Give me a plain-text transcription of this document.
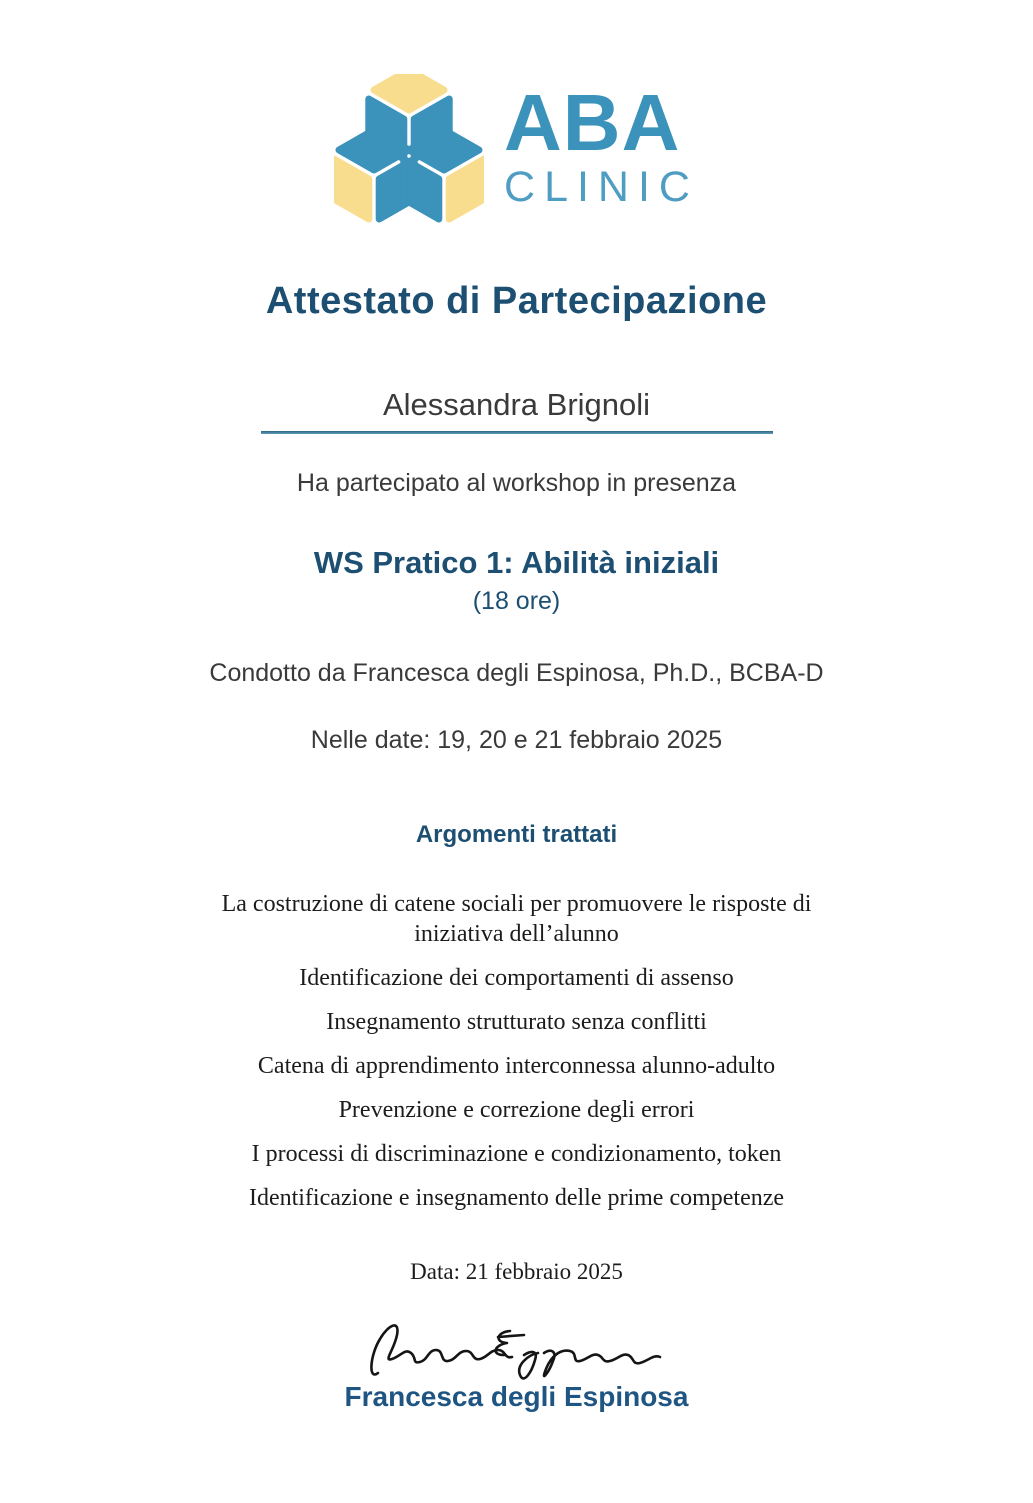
ABA
CLINIC
Attestato di Partecipazione
Alessandra Brignoli
Ha partecipato al workshop in presenza
WS Pratico 1: Abilità iniziali
(18 ore)
Condotto da Francesca degli Espinosa, Ph.D., BCBA-D
Nelle date: 19, 20 e 21 febbraio 2025
Argomenti trattati
La costruzione di catene sociali per promuovere le risposte di iniziativa dell’alunno
Identificazione dei comportamenti di assenso
Insegnamento strutturato senza conflitti
Catena di apprendimento interconnessa alunno-adulto
Prevenzione e correzione degli errori
I processi di discriminazione e condizionamento, token
Identificazione e insegnamento delle prime competenze
Data: 21 febbraio 2025
Francesca degli Espinosa
